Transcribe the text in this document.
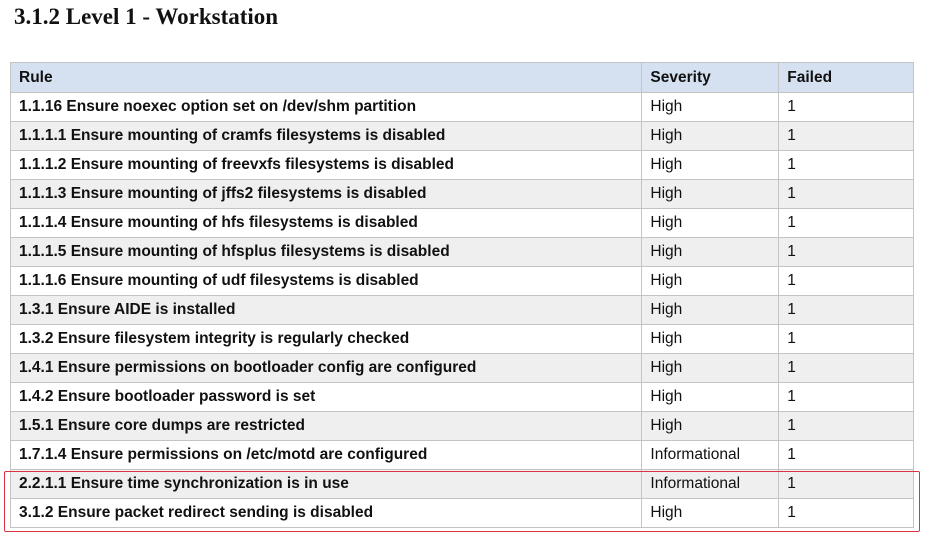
3.1.2 Level 1 - Workstation
Rule	Severity	Failed
1.1.16 Ensure noexec option set on /dev/shm partition	High	1
1.1.1.1 Ensure mounting of cramfs filesystems is disabled	High	1
1.1.1.2 Ensure mounting of freevxfs filesystems is disabled	High	1
1.1.1.3 Ensure mounting of jffs2 filesystems is disabled	High	1
1.1.1.4 Ensure mounting of hfs filesystems is disabled	High	1
1.1.1.5 Ensure mounting of hfsplus filesystems is disabled	High	1
1.1.1.6 Ensure mounting of udf filesystems is disabled	High	1
1.3.1 Ensure AIDE is installed	High	1
1.3.2 Ensure filesystem integrity is regularly checked	High	1
1.4.1 Ensure permissions on bootloader config are configured	High	1
1.4.2 Ensure bootloader password is set	High	1
1.5.1 Ensure core dumps are restricted	High	1
1.7.1.4 Ensure permissions on /etc/motd are configured	Informational	1
2.2.1.1 Ensure time synchronization is in use	Informational	1
3.1.2 Ensure packet redirect sending is disabled	High	1
